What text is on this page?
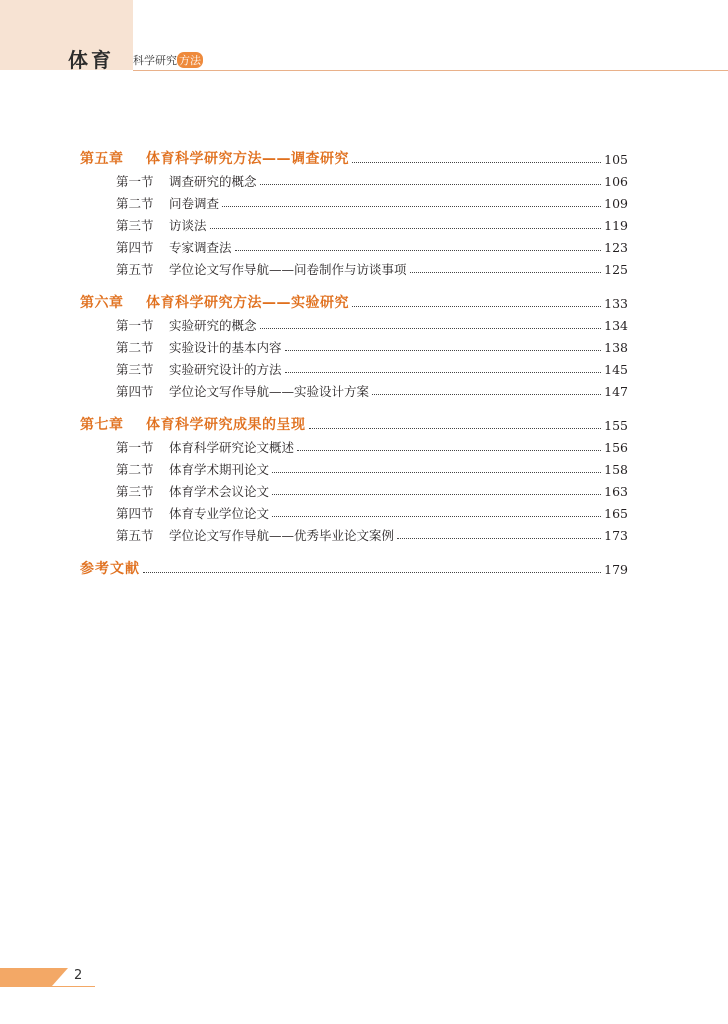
体育 科学研究 方法
第五章	体育科学研究方法——调查研究	105
第一节	调查研究的概念	106
第二节	问卷调查	109
第三节	访谈法	119
第四节	专家调查法	123
第五节	学位论文写作导航——问卷制作与访谈事项	125
第六章	体育科学研究方法——实验研究	133
第一节	实验研究的概念	134
第二节	实验设计的基本内容	138
第三节	实验研究设计的方法	145
第四节	学位论文写作导航——实验设计方案	147
第七章	体育科学研究成果的呈现	155
第一节	体育科学研究论文概述	156
第二节	体育学术期刊论文	158
第三节	体育学术会议论文	163
第四节	体育专业学位论文	165
第五节	学位论文写作导航——优秀毕业论文案例	173
参考文献	179
2
